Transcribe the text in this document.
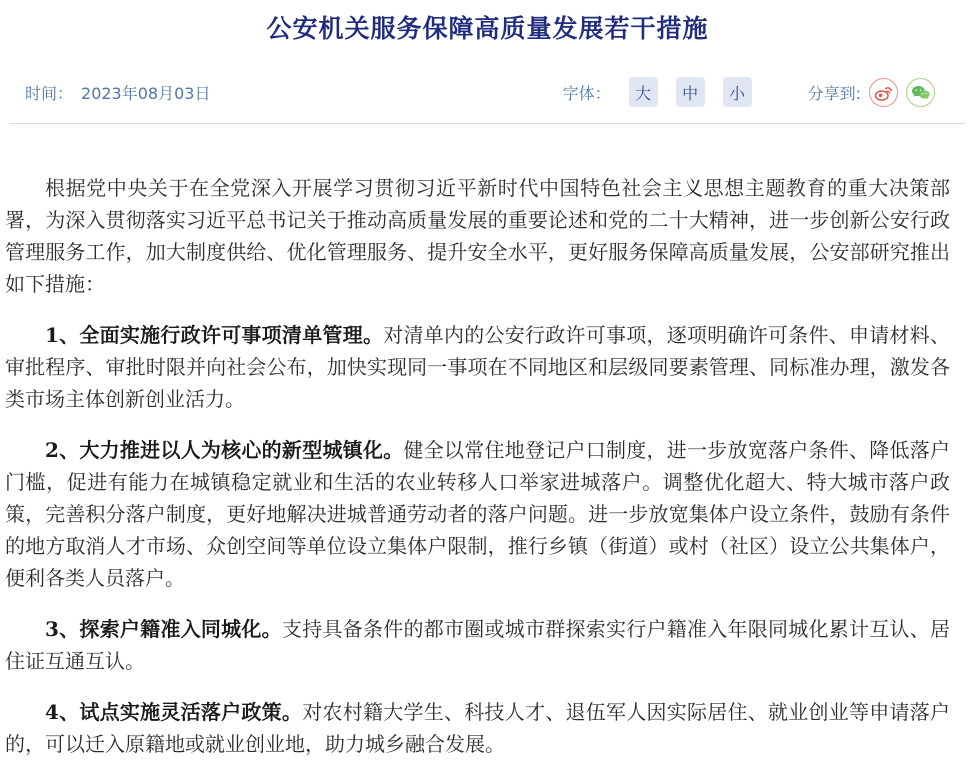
公安机关服务保障高质量发展若干措施
时间： 2023年08月03日	字体：	大	中	小	分享到:

根据党中央关于在全党深入开展学习贯彻习近平新时代中国特色社会主义思想主题教育的重大决策部署，为深入贯彻落实习近平总书记关于推动高质量发展的重要论述和党的二十大精神，进一步创新公安行政管理服务工作，加大制度供给、优化管理服务、提升安全水平，更好服务保障高质量发展，公安部研究推出如下措施：

1、全面实施行政许可事项清单管理。对清单内的公安行政许可事项，逐项明确许可条件、申请材料、审批程序、审批时限并向社会公布，加快实现同一事项在不同地区和层级同要素管理、同标准办理，激发各类市场主体创新创业活力。

2、大力推进以人为核心的新型城镇化。健全以常住地登记户口制度，进一步放宽落户条件、降低落户门槛，促进有能力在城镇稳定就业和生活的农业转移人口举家进城落户。调整优化超大、特大城市落户政策，完善积分落户制度，更好地解决进城普通劳动者的落户问题。进一步放宽集体户设立条件，鼓励有条件的地方取消人才市场、众创空间等单位设立集体户限制，推行乡镇（街道）或村（社区）设立公共集体户，便利各类人员落户。

3、探索户籍准入同城化。支持具备条件的都市圈或城市群探索实行户籍准入年限同城化累计互认、居住证互通互认。

4、试点实施灵活落户政策。对农村籍大学生、科技人才、退伍军人因实际居住、就业创业等申请落户的，可以迁入原籍地或就业创业地，助力城乡融合发展。
